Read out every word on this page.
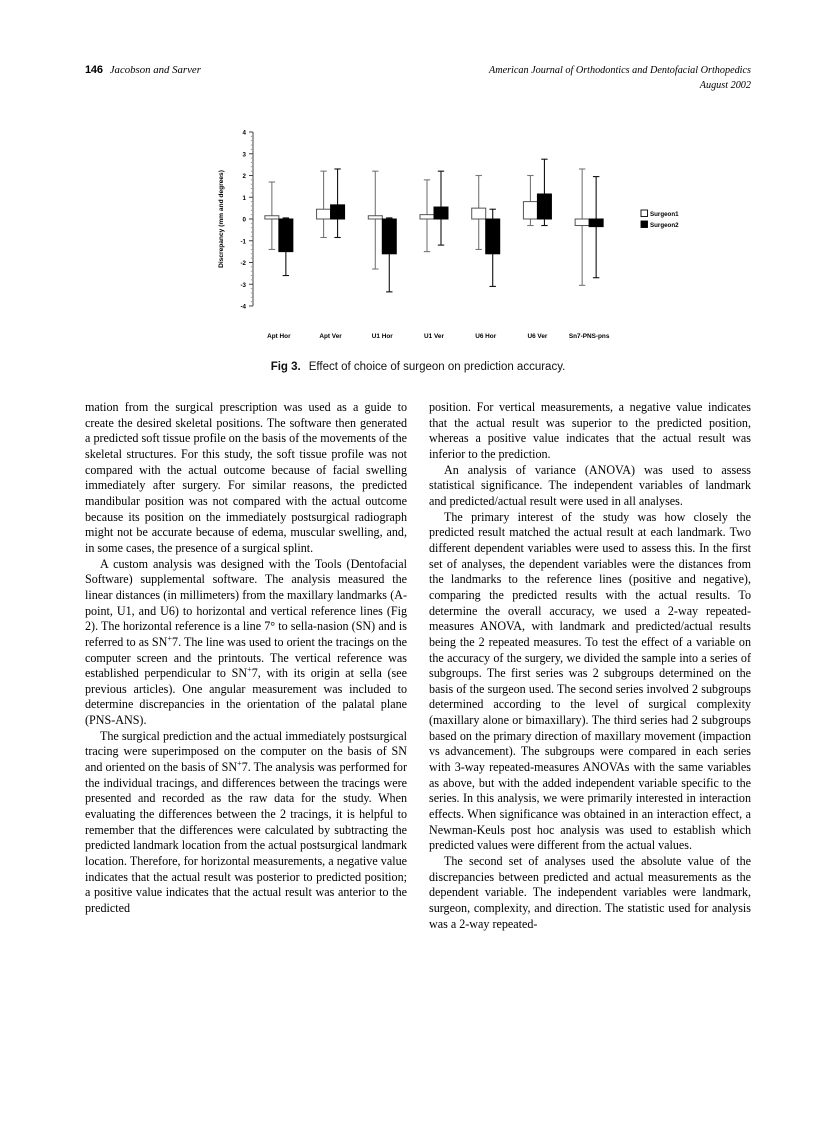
146 Jacobson and Sarver	American Journal of Orthodontics and Dentofacial Orthopedics
August 2002
4
3
2
1
0
-1
-2
-3
-4
Discrepancy (mm and degrees)
Apt Hor	Apt Ver	U1 Hor	U1 Ver	U6 Hor	U6 Ver	Sn7-PNS-pns
Surgeon1
Surgeon2
Fig 3. Effect of choice of surgeon on prediction accuracy.

mation from the surgical prescription was used as a guide to create the desired skeletal positions. The software then generated a predicted soft tissue profile on the basis of the movements of the skeletal structures. For this study, the soft tissue profile was not compared with the actual outcome because of facial swelling immediately after surgery. For similar reasons, the predicted mandibular position was not compared with the actual outcome because its position on the immediately postsurgical radiograph might not be accurate because of edema, muscular swelling, and, in some cases, the presence of a surgical splint.

A custom analysis was designed with the Tools (Dentofacial Software) supplemental software. The analysis measured the linear distances (in millimeters) from the maxillary landmarks (A-point, U1, and U6) to horizontal and vertical reference lines (Fig 2). The horizontal reference is a line 7° to sella-nasion (SN) and is referred to as SN+7. The line was used to orient the tracings on the computer screen and the printouts. The vertical reference was established perpendicular to SN+7, with its origin at sella (see previous articles). One angular measurement was included to determine discrepancies in the orientation of the palatal plane (PNS-ANS).

The surgical prediction and the actual immediately postsurgical tracing were superimposed on the computer on the basis of SN and oriented on the basis of SN+7. The analysis was performed for the individual tracings, and differences between the tracings were presented and recorded as the raw data for the study. When evaluating the differences between the 2 tracings, it is helpful to remember that the differences were calculated by subtracting the predicted landmark location from the actual postsurgical landmark location. Therefore, for horizontal measurements, a negative value indicates that the actual result was posterior to predicted position; a positive value indicates that the actual result was anterior to the predicted

position. For vertical measurements, a negative value indicates that the actual result was superior to the predicted position, whereas a positive value indicates that the actual result was inferior to the prediction.

An analysis of variance (ANOVA) was used to assess statistical significance. The independent variables of landmark and predicted/actual result were used in all analyses.

The primary interest of the study was how closely the predicted result matched the actual result at each landmark. Two different dependent variables were used to assess this. In the first set of analyses, the dependent variables were the distances from the landmarks to the reference lines (positive and negative), comparing the predicted results with the actual results. To determine the overall accuracy, we used a 2-way repeated-measures ANOVA, with landmark and predicted/actual results being the 2 repeated measures. To test the effect of a variable on the accuracy of the surgery, we divided the sample into a series of subgroups. The first series was 2 subgroups determined on the basis of the surgeon used. The second series involved 2 subgroups determined according to the level of surgical complexity (maxillary alone or bimaxillary). The third series had 2 subgroups based on the primary direction of maxillary movement (impaction vs advancement). The subgroups were compared in each series with 3-way repeated-measures ANOVAs with the same variables as above, but with the added independent variable specific to the series. In this analysis, we were primarily interested in interaction effects. When significance was obtained in an interaction effect, a Newman-Keuls post hoc analysis was used to establish which predicted values were different from the actual values.

The second set of analyses used the absolute value of the discrepancies between predicted and actual measurements as the dependent variable. The independent variables were landmark, surgeon, complexity, and direction. The statistic used for analysis was a 2-way repeated-
